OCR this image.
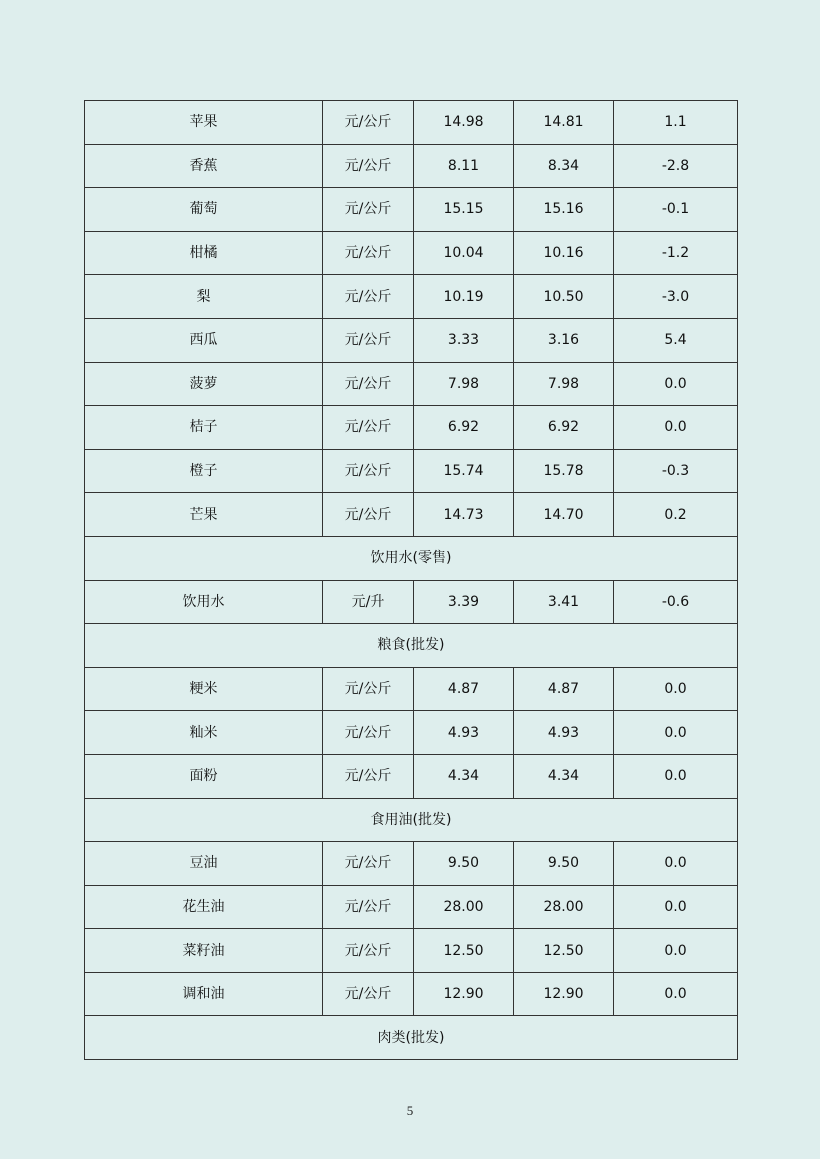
苹果	元/公斤	14.98	14.81	1.1
香蕉	元/公斤	8.11	8.34	-2.8
葡萄	元/公斤	15.15	15.16	-0.1
柑橘	元/公斤	10.04	10.16	-1.2
梨	元/公斤	10.19	10.50	-3.0
西瓜	元/公斤	3.33	3.16	5.4
菠萝	元/公斤	7.98	7.98	0.0
桔子	元/公斤	6.92	6.92	0.0
橙子	元/公斤	15.74	15.78	-0.3
芒果	元/公斤	14.73	14.70	0.2
饮用水(零售)				
饮用水	元/升	3.39	3.41	-0.6
粮食(批发)				
粳米	元/公斤	4.87	4.87	0.0
籼米	元/公斤	4.93	4.93	0.0
面粉	元/公斤	4.34	4.34	0.0
食用油(批发)				
豆油	元/公斤	9.50	9.50	0.0
花生油	元/公斤	28.00	28.00	0.0
菜籽油	元/公斤	12.50	12.50	0.0
调和油	元/公斤	12.90	12.90	0.0
肉类(批发)				
5
